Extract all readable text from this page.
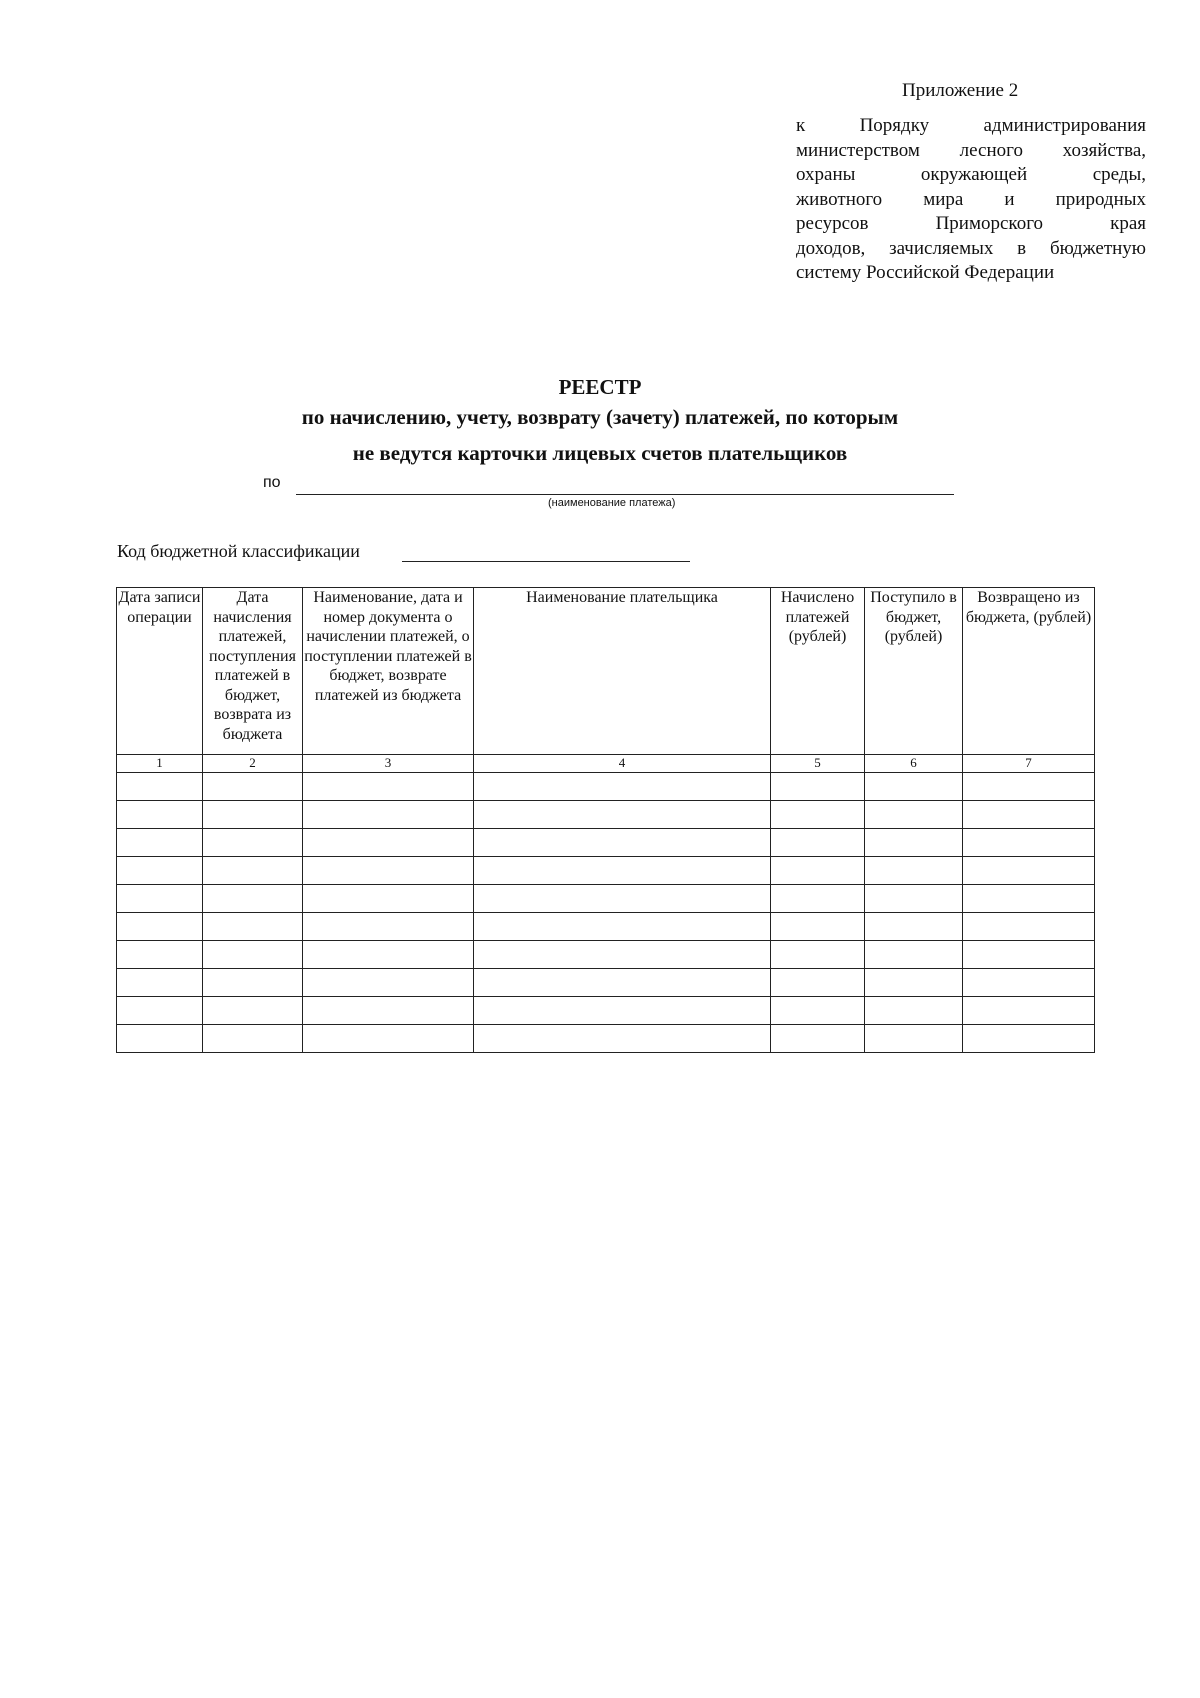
Приложение 2
к Порядку администрирования
министерством лесного хозяйства,
охраны окружающей среды,
животного мира и природных
ресурсов Приморского края
доходов, зачисляемых в бюджетную
систему Российской Федерации
РЕЕСТР
по начислению, учету, возврату (зачету) платежей, по которым
не ведутся карточки лицевых счетов плательщиков
по
(наименование платежа)
Код бюджетной классификации
Дата записи операции	Дата начисления платежей, поступления платежей в бюджет, возврата из бюджета	Наименование, дата и номер документа о начислении платежей, о поступлении платежей в бюджет, возврате платежей из бюджета	Наименование плательщика	Начислено платежей (рублей)	Поступило в бюджет, (рублей)	Возвращено из бюджета, (рублей)
1	2	3	4	5	6	7
